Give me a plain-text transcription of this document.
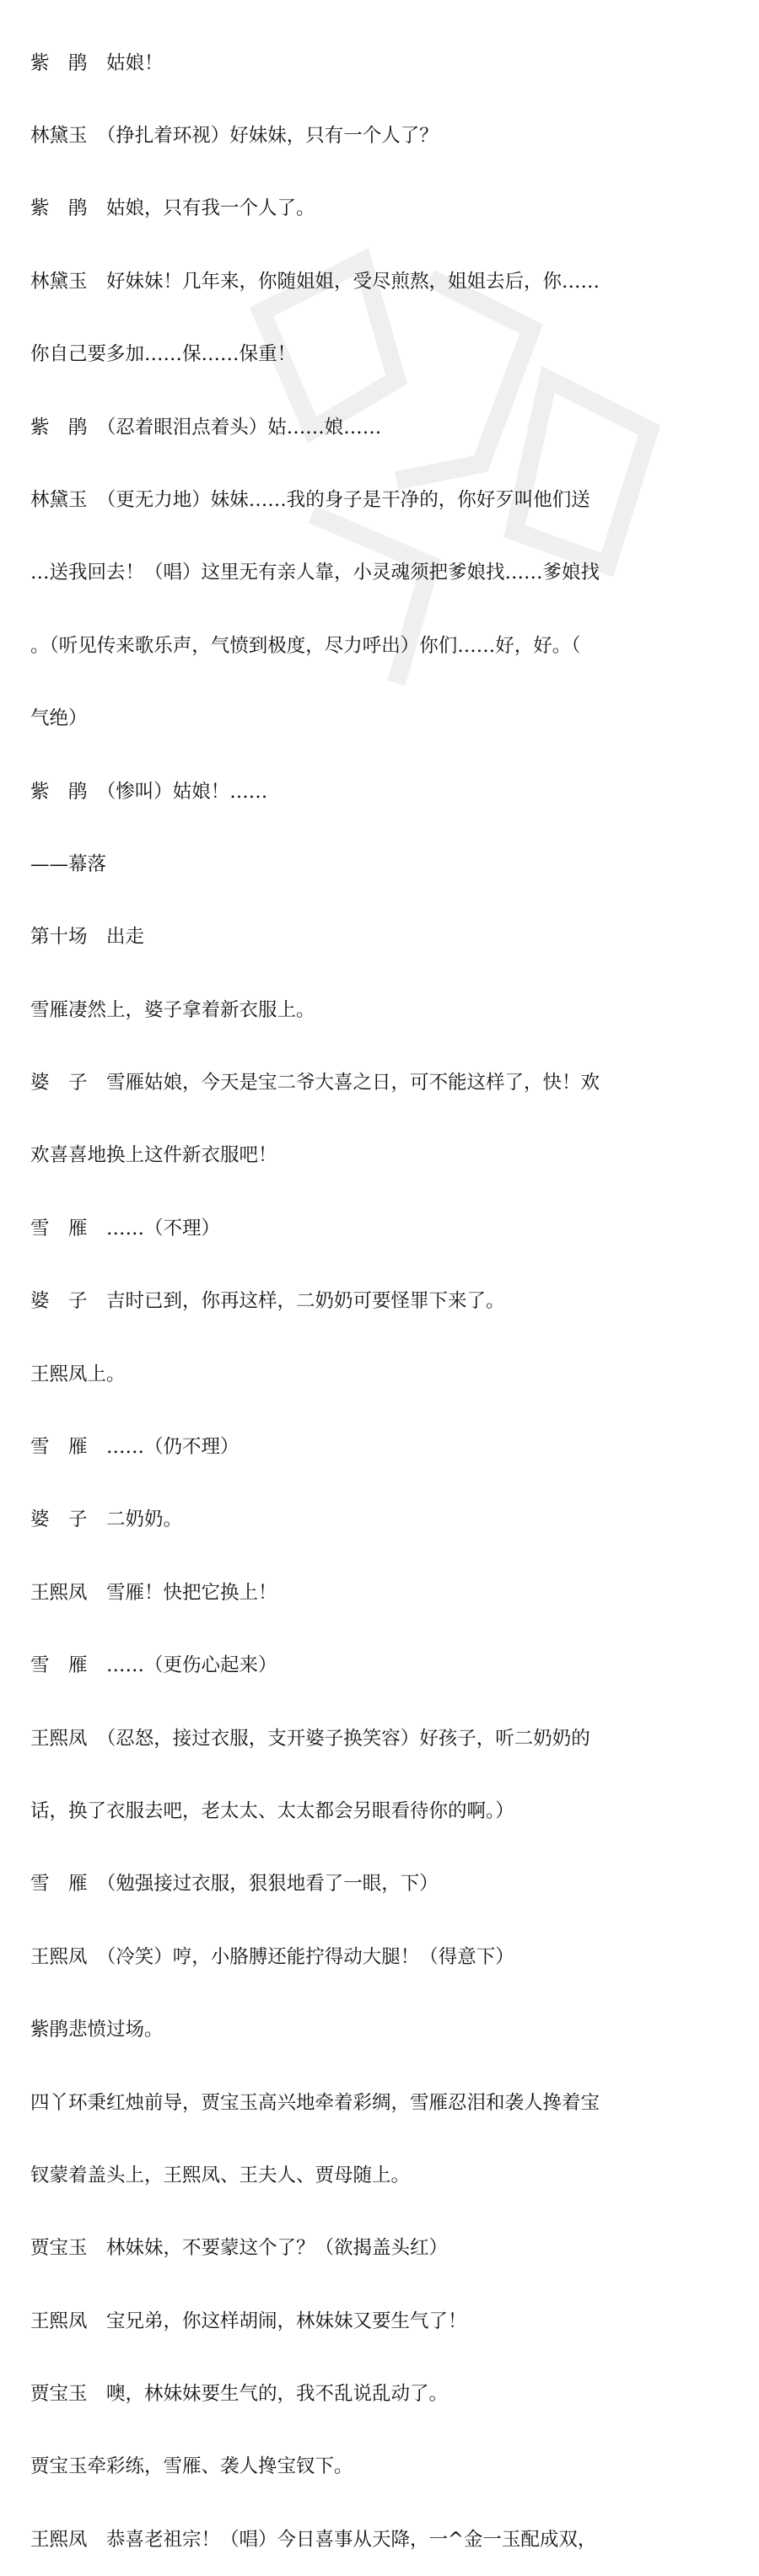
紫　鹃　姑娘！

林黛玉　（挣扎着环视）好妹妹，只有一个人了？

紫　鹃　姑娘，只有我一个人了。

林黛玉　好妹妹！几年来，你随姐姐，受尽煎熬，姐姐去后，你……

你自己要多加……保……保重！

紫　鹃　（忍着眼泪点着头）姑……娘……

林黛玉　（更无力地）妹妹……我的身子是干净的，你好歹叫他们送

…送我回去！（唱）这里无有亲人靠，小灵魂须把爹娘找……爹娘找

。（听见传来歌乐声，气愤到极度，尽力呼出）你们……好，好。（

气绝）

紫　鹃　（惨叫）姑娘！……

——幕落

第十场　出走

雪雁凄然上，婆子拿着新衣服上。

婆　子　雪雁姑娘，今天是宝二爷大喜之日，可不能这样了，快！欢

欢喜喜地换上这件新衣服吧！

雪　雁　……（不理）

婆　子　吉时已到，你再这样，二奶奶可要怪罪下来了。

王熙凤上。

雪　雁　……（仍不理）

婆　子　二奶奶。

王熙凤　雪雁！快把它换上！

雪　雁　……（更伤心起来）

王熙凤　（忍怒，接过衣服，支开婆子换笑容）好孩子，听二奶奶的

话，换了衣服去吧，老太太、太太都会另眼看待你的啊。）

雪　雁　（勉强接过衣服，狠狠地看了一眼，下）

王熙凤　（冷笑）哼，小胳膊还能拧得动大腿！（得意下）

紫鹃悲愤过场。

四丫环秉红烛前导，贾宝玉高兴地牵着彩绸，雪雁忍泪和袭人搀着宝

钗蒙着盖头上，王熙凤、王夫人、贾母随上。

贾宝玉　林妹妹，不要蒙这个了？（欲揭盖头红）

王熙凤　宝兄弟，你这样胡闹，林妹妹又要生气了！

贾宝玉　噢，林妹妹要生气的，我不乱说乱动了。

贾宝玉牵彩练，雪雁、袭人搀宝钗下。

王熙凤　恭喜老祖宗！（唱）今日喜事从天降，一^金一玉配成双，
